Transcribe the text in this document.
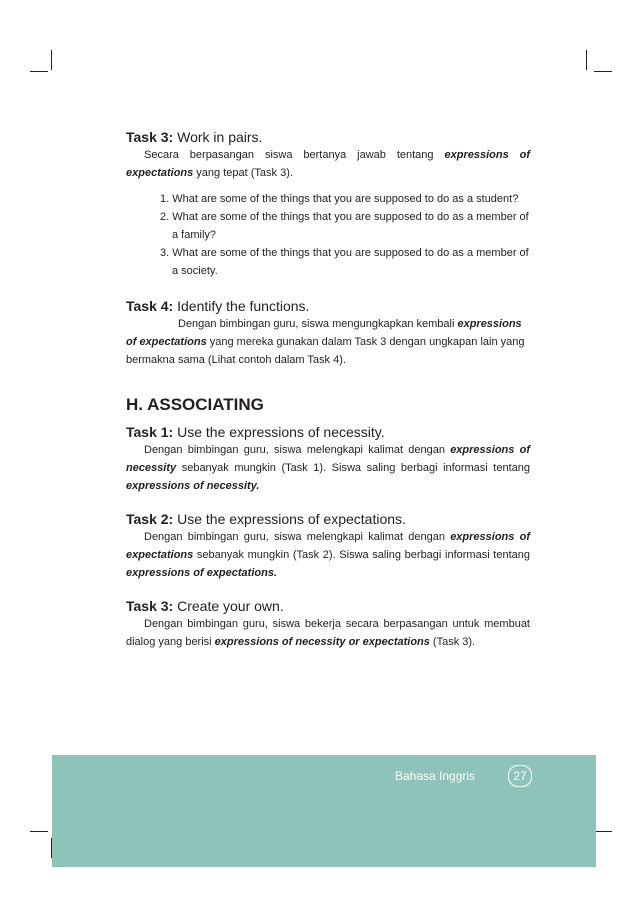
Task 3: Work in pairs.

Secara berpasangan siswa bertanya jawab tentang expressions of expectations yang tepat (Task 3).

1. What are some of the things that you are supposed to do as a student?
2. What are some of the things that you are supposed to do as a member of a family?
3. What are some of the things that you are supposed to do as a member of a society.

Task 4: Identify the functions.

Dengan bimbingan guru, siswa mengungkapkan kembali expressions of expectations yang mereka gunakan dalam Task 3 dengan ungkapan lain yang bermakna sama (Lihat contoh dalam Task 4).

H. ASSOCIATING

Task 1: Use the expressions of necessity.

Dengan bimbingan guru, siswa melengkapi kalimat dengan expressions of necessity sebanyak mungkin (Task 1). Siswa saling berbagi informasi tentang expressions of necessity.

Task 2: Use the expressions of expectations.

Dengan bimbingan guru, siswa melengkapi kalimat dengan expressions of expectations sebanyak mungkin (Task 2). Siswa saling berbagi informasi tentang expressions of expectations.

Task 3: Create your own.

Dengan bimbingan guru, siswa bekerja secara berpasangan untuk membuat dialog yang berisi expressions of necessity or expectations (Task 3).

Bahasa Inggris	27
